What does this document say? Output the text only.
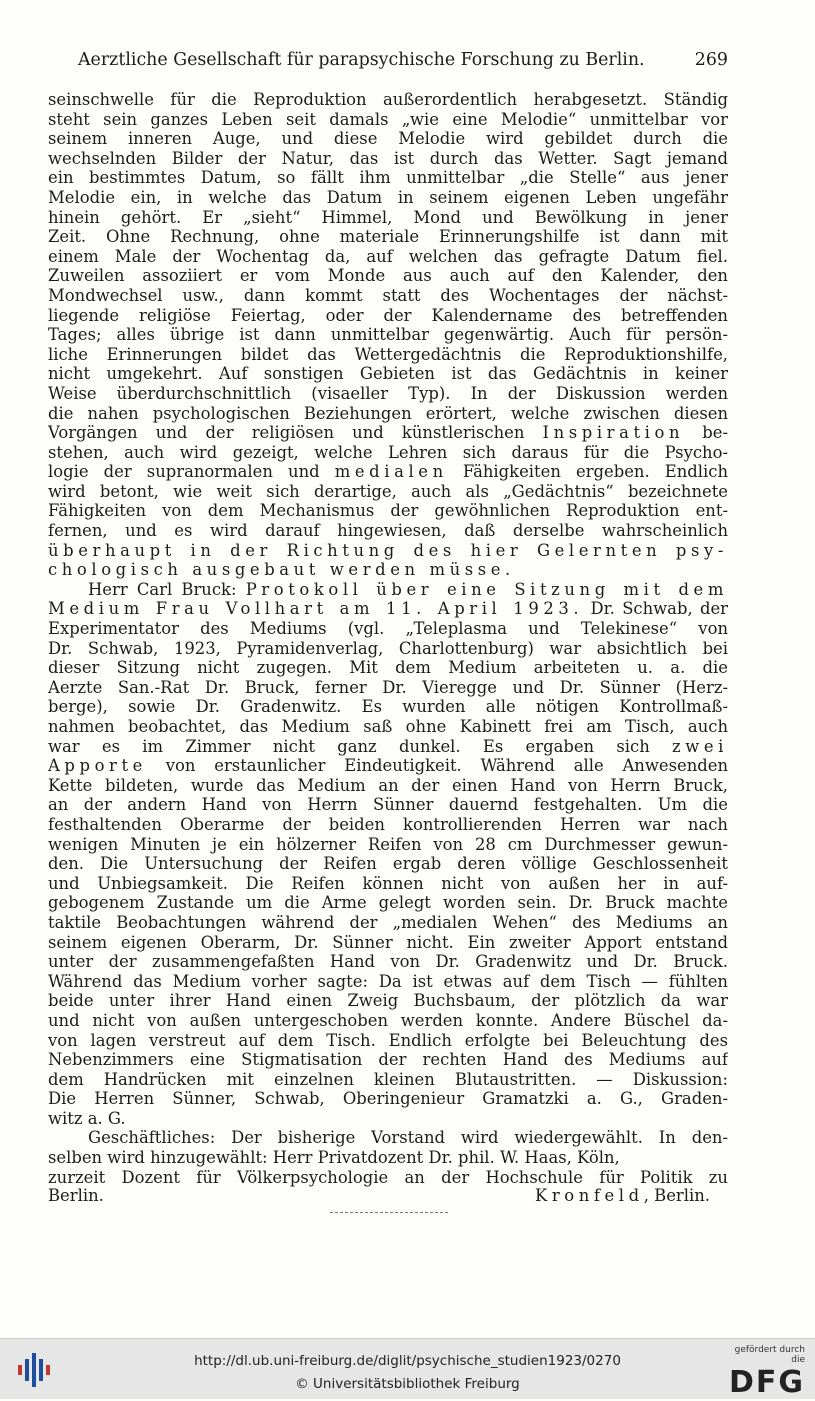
Aerztliche Gesellschaft für parapsychische Forschung zu Berlin.	269
seinschwelle für die Reproduktion außerordentlich herabgesetzt. Ständig
steht sein ganzes Leben seit damals „wie eine Melodie“ unmittelbar vor
seinem inneren Auge, und diese Melodie wird gebildet durch die
wechselnden Bilder der Natur, das ist durch das Wetter. Sagt jemand
ein bestimmtes Datum, so fällt ihm unmittelbar „die Stelle“ aus jener
Melodie ein, in welche das Datum in seinem eigenen Leben ungefähr
hinein gehört. Er „sieht“ Himmel, Mond und Bewölkung in jener
Zeit. Ohne Rechnung, ohne materiale Erinnerungshilfe ist dann mit
einem Male der Wochentag da, auf welchen das gefragte Datum fiel.
Zuweilen assoziiert er vom Monde aus auch auf den Kalender, den
Mondwechsel usw., dann kommt statt des Wochentages der nächst-
liegende religiöse Feiertag, oder der Kalendername des betreffenden
Tages; alles übrige ist dann unmittelbar gegenwärtig. Auch für persön-
liche Erinnerungen bildet das Wettergedächtnis die Reproduktionshilfe,
nicht umgekehrt. Auf sonstigen Gebieten ist das Gedächtnis in keiner
Weise überdurchschnittlich (visaeller Typ). In der Diskussion werden
die nahen psychologischen Beziehungen erörtert, welche zwischen diesen
Vorgängen und der religiösen und künstlerischen Inspiration be-
stehen, auch wird gezeigt, welche Lehren sich daraus für die Psycho-
logie der supranormalen und medialen Fähigkeiten ergeben. Endlich
wird betont, wie weit sich derartige, auch als „Gedächtnis“ bezeichnete
Fähigkeiten von dem Mechanismus der gewöhnlichen Reproduktion ent-
fernen, und es wird darauf hingewiesen, daß derselbe wahrscheinlich
überhaupt in der Richtung des hier Gelernten psy-
chologisch ausgebaut werden müsse.
Herr Carl Bruck: Protokoll über eine Sitzung mit dem
Medium Frau Vollhart am 11. April 1923. Dr. Schwab, der
Experimentator des Mediums (vgl. „Teleplasma und Telekinese“ von
Dr. Schwab, 1923, Pyramidenverlag, Charlottenburg) war absichtlich bei
dieser Sitzung nicht zugegen. Mit dem Medium arbeiteten u. a. die
Aerzte San.-Rat Dr. Bruck, ferner Dr. Vieregge und Dr. Sünner (Herz-
berge), sowie Dr. Gradenwitz. Es wurden alle nötigen Kontrollmaß-
nahmen beobachtet, das Medium saß ohne Kabinett frei am Tisch, auch
war es im Zimmer nicht ganz dunkel. Es ergaben sich zwei
Apporte von erstaunlicher Eindeutigkeit. Während alle Anwesenden
Kette bildeten, wurde das Medium an der einen Hand von Herrn Bruck,
an der andern Hand von Herrn Sünner dauernd festgehalten. Um die
festhaltenden Oberarme der beiden kontrollierenden Herren war nach
wenigen Minuten je ein hölzerner Reifen von 28 cm Durchmesser gewun-
den. Die Untersuchung der Reifen ergab deren völlige Geschlossenheit
und Unbiegsamkeit. Die Reifen können nicht von außen her in auf-
gebogenem Zustande um die Arme gelegt worden sein. Dr. Bruck machte
taktile Beobachtungen während der „medialen Wehen“ des Mediums an
seinem eigenen Oberarm, Dr. Sünner nicht. Ein zweiter Apport entstand
unter der zusammengefaßten Hand von Dr. Gradenwitz und Dr. Bruck.
Während das Medium vorher sagte: Da ist etwas auf dem Tisch — fühlten
beide unter ihrer Hand einen Zweig Buchsbaum, der plötzlich da war
und nicht von außen untergeschoben werden konnte. Andere Büschel da-
von lagen verstreut auf dem Tisch. Endlich erfolgte bei Beleuchtung des
Nebenzimmers eine Stigmatisation der rechten Hand des Mediums auf
dem Handrücken mit einzelnen kleinen Blutaustritten. — Diskussion:
Die Herren Sünner, Schwab, Oberingenieur Gramatzki a. G., Graden-
witz a. G.
Geschäftliches: Der bisherige Vorstand wird wiedergewählt. In den-
selben wird hinzugewählt: Herr Privatdozent Dr. phil. W. Haas, Köln,
zurzeit Dozent für Völkerpsychologie an der Hochschule für Politik zu
Berlin.	Kronfeld, Berlin.
http://dl.ub.uni-freiburg.de/diglit/psychische_studien1923/0270
© Universitätsbibliothek Freiburg
gefördert durch die
DFG
